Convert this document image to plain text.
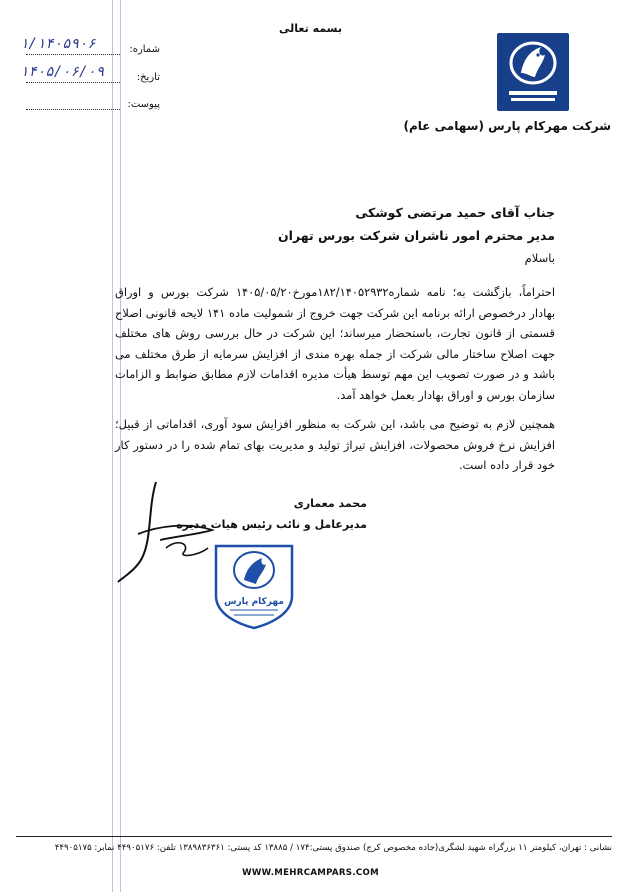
بسمه تعالی
۱/۱۴۰۵۹۰۶	شماره:
۱۴۰۵/۰۶/۰۹	تاریخ:
پیوست:
شرکت مهرکام پارس (سهامی عام)
جناب آقای حمید مرتضی کوشکی
مدیر محترم امور ناشران شرکت بورس تهران
باسلام
احتراماً، بازگشت به؛ نامه شماره۱۸۲/۱۴۰۵۲۹۳۲مورخ۱۴۰۵/۰۵/۲۰ شرکت بورس و اوراق بهادار درخصوص ارائه برنامه این شرکت جهت خروج از شمولیت ماده ۱۴۱ لایحه قانونی اصلاح قسمتی از قانون تجارت، باستحضار میرساند؛ این شرکت در حال بررسی روش های مختلف جهت اصلاح ساختار مالی شرکت از جمله بهره مندی از افزایش سرمایه از طرق مختلف می باشد و در صورت تصویب این مهم توسط هیأت مدیره اقدامات لازم مطابق ضوابط و الزامات سازمان بورس و اوراق بهادار بعمل خواهد آمد.
همچنین لازم به توضیح می باشد، این شرکت به منظور افزایش سود آوری، اقداماتی از قبیل؛ افزایش نرخ فروش محصولات، افزایش تیراژ تولید و مدیریت بهای تمام شده را در دستور کار خود قرار داده است.
محمد معماری
مدیرعامل و نائب رئیس هیات مدیره
مهرکام پارس
نشانی : تهران، کیلومتر ۱۱ بزرگراه شهید لشگری(جاده مخصوص کرج) صندوق پستی:۱۷۴ / ۱۳۸۸۵ کد پستی: ۱۳۸۹۸۳۶۳۶۱ تلفن: ۴۴۹۰۵۱۷۶ نمابر: ۴۴۹۰۵۱۷۵
WWW.MEHRCAMPARS.COM
